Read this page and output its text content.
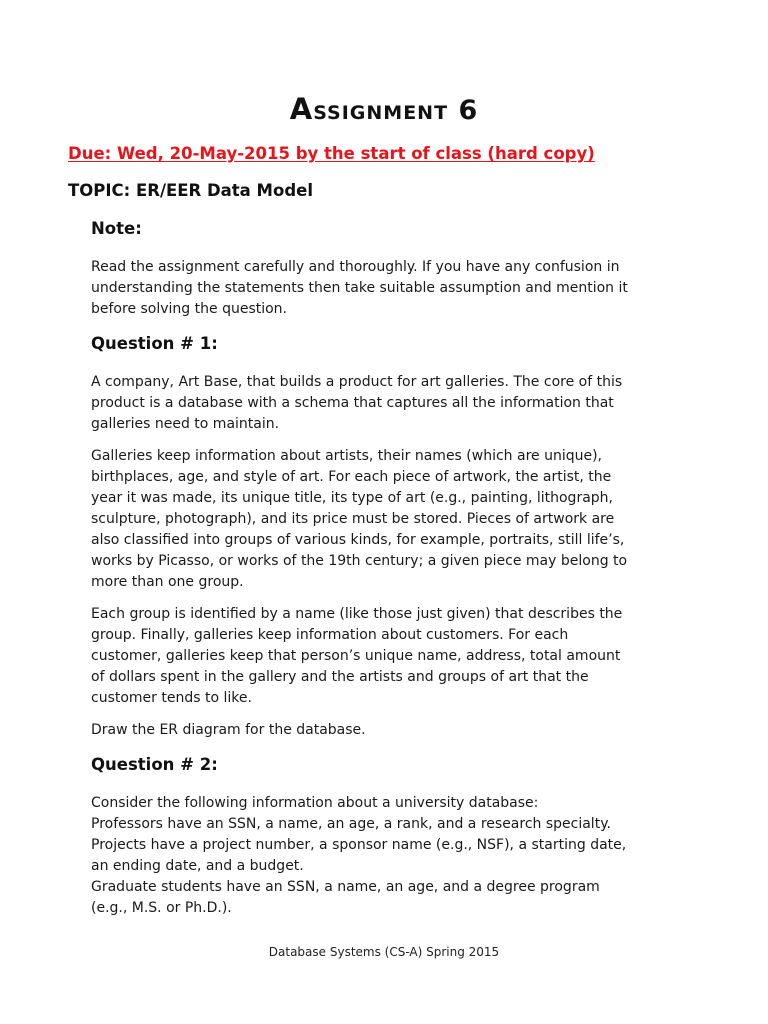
Assignment 6
Due: Wed, 20-May-2015 by the start of class (hard copy)
TOPIC: ER/EER Data Model
Note:
Read the assignment carefully and thoroughly. If you have any confusion in
understanding the statements then take suitable assumption and mention it
before solving the question.
Question # 1:
A company, Art Base, that builds a product for art galleries. The core of this
product is a database with a schema that captures all the information that
galleries need to maintain.
Galleries keep information about artists, their names (which are unique),
birthplaces, age, and style of art. For each piece of artwork, the artist, the
year it was made, its unique title, its type of art (e.g., painting, lithograph,
sculpture, photograph), and its price must be stored. Pieces of artwork are
also classified into groups of various kinds, for example, portraits, still life’s,
works by Picasso, or works of the 19th century; a given piece may belong to
more than one group.
Each group is identified by a name (like those just given) that describes the
group. Finally, galleries keep information about customers. For each
customer, galleries keep that person’s unique name, address, total amount
of dollars spent in the gallery and the artists and groups of art that the
customer tends to like.
Draw the ER diagram for the database.
Question # 2:
Consider the following information about a university database:
Professors have an SSN, a name, an age, a rank, and a research specialty.
Projects have a project number, a sponsor name (e.g., NSF), a starting date,
an ending date, and a budget.
Graduate students have an SSN, a name, an age, and a degree program
(e.g., M.S. or Ph.D.).
Database Systems (CS-A) Spring 2015
